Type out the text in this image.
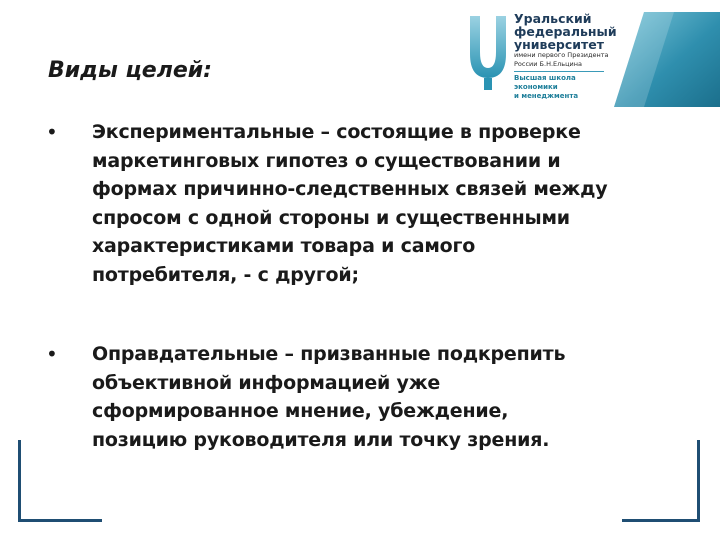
Виды целей:
Уральский
федеральный
университет
имени первого Президента
России Б.Н.Ельцина
Высшая школа
экономики
и менеджмента
• Экспериментальные – состоящие в проверке
маркетинговых гипотез о существовании и
формах причинно-следственных связей между
спросом с одной стороны и существенными
характеристиками товара и самого
потребителя, - с другой;
• Оправдательные – призванные подкрепить
объективной информацией уже
сформированное мнение, убеждение,
позицию руководителя или точку зрения.
